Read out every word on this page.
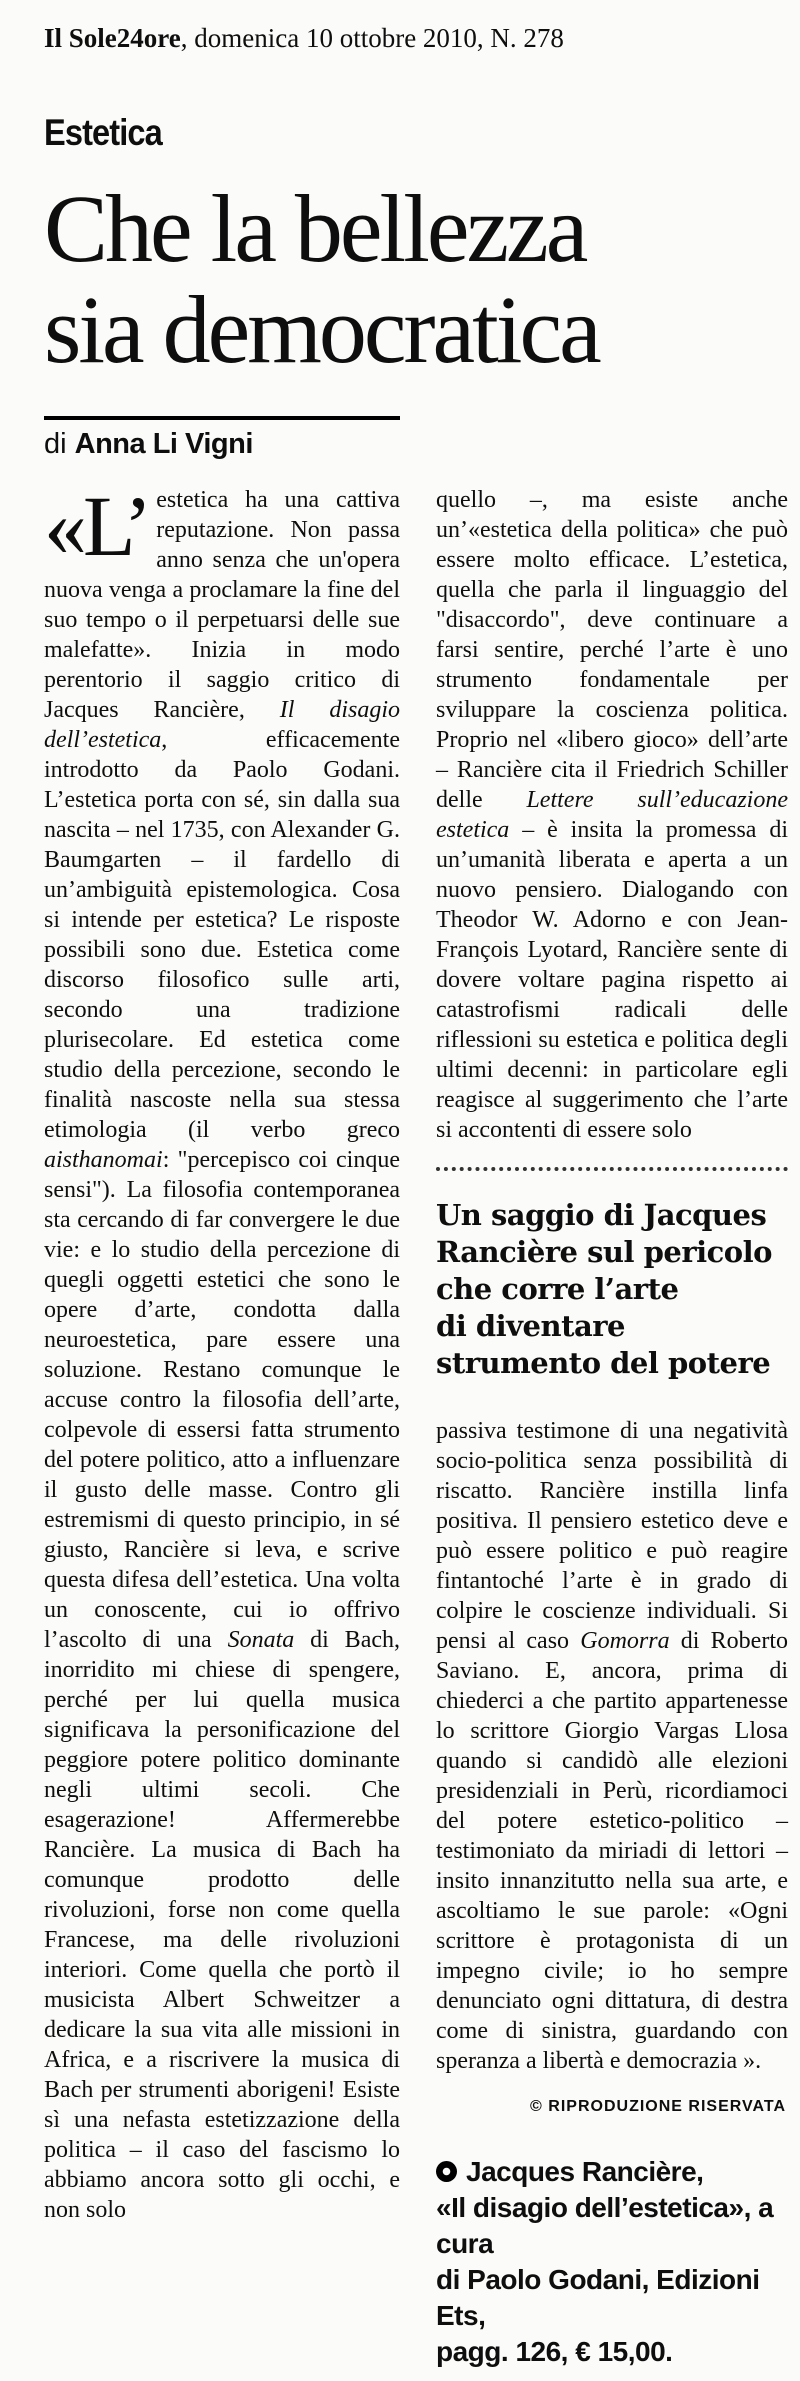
Il Sole24ore, domenica 10 ottobre 2010, N. 278
Estetica
Che la bellezza
sia democratica
di Anna Li Vigni

«L’ estetica ha una cattiva reputazione. Non passa anno senza che un'opera nuova venga a proclamare la fine del suo tempo o il perpetuarsi delle sue malefatte». Inizia in modo perentorio il saggio critico di Jacques Rancière, Il disagio dell’estetica, efficacemente introdotto da Paolo Godani. L’estetica porta con sé, sin dalla sua nascita – nel 1735, con Alexander G. Baumgarten – il fardello di un’ambiguità epistemologica. Cosa si intende per estetica? Le risposte possibili sono due. Estetica come discorso filosofico sulle arti, secondo una tradizione plurisecolare. Ed estetica come studio della percezione, secondo le finalità nascoste nella sua stessa etimologia (il verbo greco aisthanomai: "percepisco coi cinque sensi"). La filosofia contemporanea sta cercando di far convergere le due vie: e lo studio della percezione di quegli oggetti estetici che sono le opere d’arte, condotta dalla neuroestetica, pare essere una soluzione. Restano comunque le accuse contro la filosofia dell’arte, colpevole di essersi fatta strumento del potere politico, atto a influenzare il gusto delle masse. Contro gli estremismi di questo principio, in sé giusto, Rancière si leva, e scrive questa difesa dell’estetica. Una volta un conoscente, cui io offrivo l’ascolto di una Sonata di Bach, inorridito mi chiese di spengere, perché per lui quella musica significava la personificazione del peggiore potere politico dominante negli ultimi secoli. Che esagerazione! Affermerebbe Rancière. La musica di Bach ha comunque prodotto delle rivoluzioni, forse non come quella Francese, ma delle rivoluzioni interiori. Come quella che portò il musicista Albert Schweitzer a dedicare la sua vita alle missioni in Africa, e a riscrivere la musica di Bach per strumenti aborigeni! Esiste sì una nefasta estetizzazione della politica – il caso del fascismo lo abbiamo ancora sotto gli occhi, e non solo

quello –, ma esiste anche un’«estetica della politica» che può essere molto efficace. L’estetica, quella che parla il linguaggio del "disaccordo", deve continuare a farsi sentire, perché l’arte è uno strumento fondamentale per sviluppare la coscienza politica. Proprio nel «libero gioco» dell’arte – Rancière cita il Friedrich Schiller delle Lettere sull’educazione estetica – è insita la promessa di un’umanità liberata e aperta a un nuovo pensiero. Dialogando con Theodor W. Adorno e con Jean-François Lyotard, Rancière sente di dovere voltare pagina rispetto ai catastrofismi radicali delle riflessioni su estetica e politica degli ultimi decenni: in particolare egli reagisce al suggerimento che l’arte si accontenti di essere solo

Un saggio di Jacques
Rancière sul pericolo
che corre l’arte
di diventare
strumento del potere

passiva testimone di una negatività socio-politica senza possibilità di riscatto. Rancière instilla linfa positiva. Il pensiero estetico deve e può essere politico e può reagire fintantoché l’arte è in grado di colpire le coscienze individuali. Si pensi al caso Gomorra di Roberto Saviano. E, ancora, prima di chiederci a che partito appartenesse lo scrittore Giorgio Vargas Llosa quando si candidò alle elezioni presidenziali in Perù, ricordiamoci del potere estetico-politico – testimoniato da miriadi di lettori – insito innanzitutto nella sua arte, e ascoltiamo le sue parole: «Ogni scrittore è protagonista di un impegno civile; io ho sempre denunciato ogni dittatura, di destra come di sinistra, guardando con speranza a libertà e democrazia ».

© RIPRODUZIONE RISERVATA
Jacques Rancière,
«Il disagio dell’estetica», a cura
di Paolo Godani, Edizioni Ets,
pagg. 126, € 15,00.
